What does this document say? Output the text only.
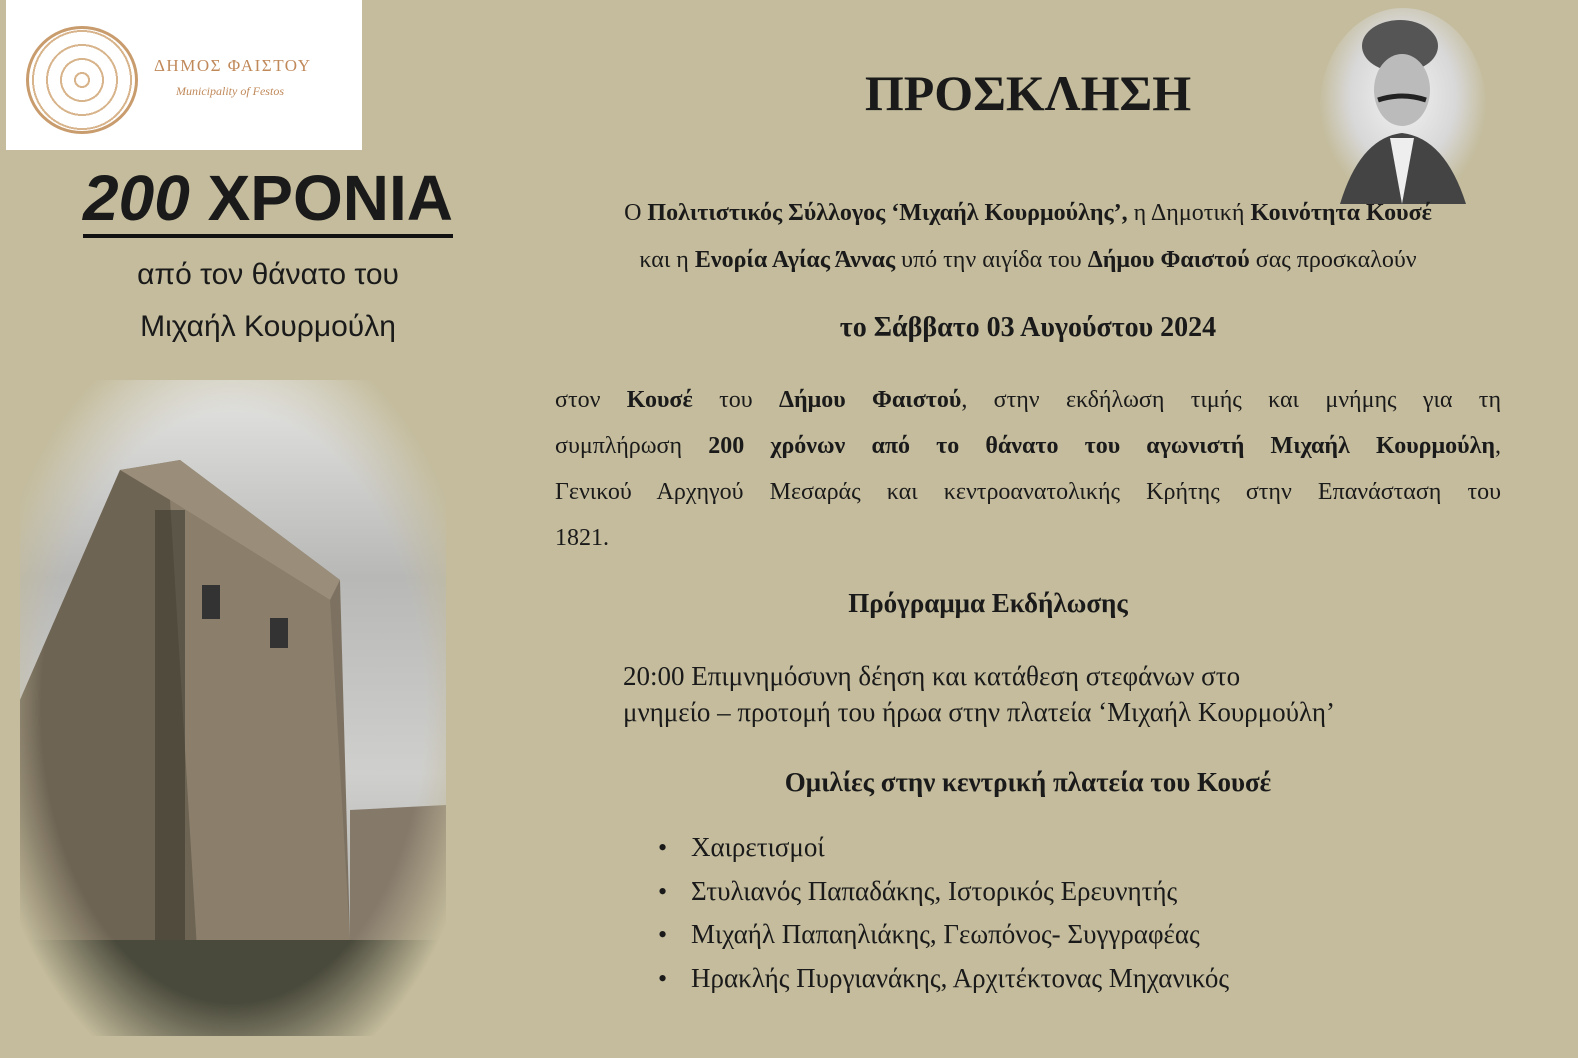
ΔΗΜΟΣ ΦΑΙΣΤΟΥ
Municipality of Festos
200 ΧΡΟΝΙΑ
από τον θάνατο του
Μιχαήλ Κουρμούλη
ΠΡΟΣΚΛΗΣΗ
Ο Πολιτιστικός Σύλλογος ‘Μιχαήλ Κουρμούλης’, η Δημοτική Κοινότητα Κουσέ
και η Ενορία Αγίας Άννας υπό την αιγίδα του Δήμου Φαιστού σας προσκαλούν
το Σάββατο 03 Αυγούστου 2024
στον Κουσέ του Δήμου Φαιστού, στην εκδήλωση τιμής και μνήμης για τη
συμπλήρωση 200 χρόνων από το θάνατο του αγωνιστή Μιχαήλ Κουρμούλη,
Γενικού Αρχηγού Μεσαράς και κεντροανατολικής Κρήτης στην Επανάσταση του
1821.
Πρόγραμμα Εκδήλωσης
20:00 Επιμνημόσυνη δέηση και κατάθεση στεφάνων στο
μνημείο – προτομή του ήρωα στην πλατεία ‘Μιχαήλ Κουρμούλη’
Ομιλίες στην κεντρική πλατεία του Κουσέ
• Χαιρετισμοί
• Στυλιανός Παπαδάκης, Ιστορικός Ερευνητής
• Μιχαήλ Παπαηλιάκης, Γεωπόνος- Συγγραφέας
• Ηρακλής Πυργιανάκης, Αρχιτέκτονας Μηχανικός
